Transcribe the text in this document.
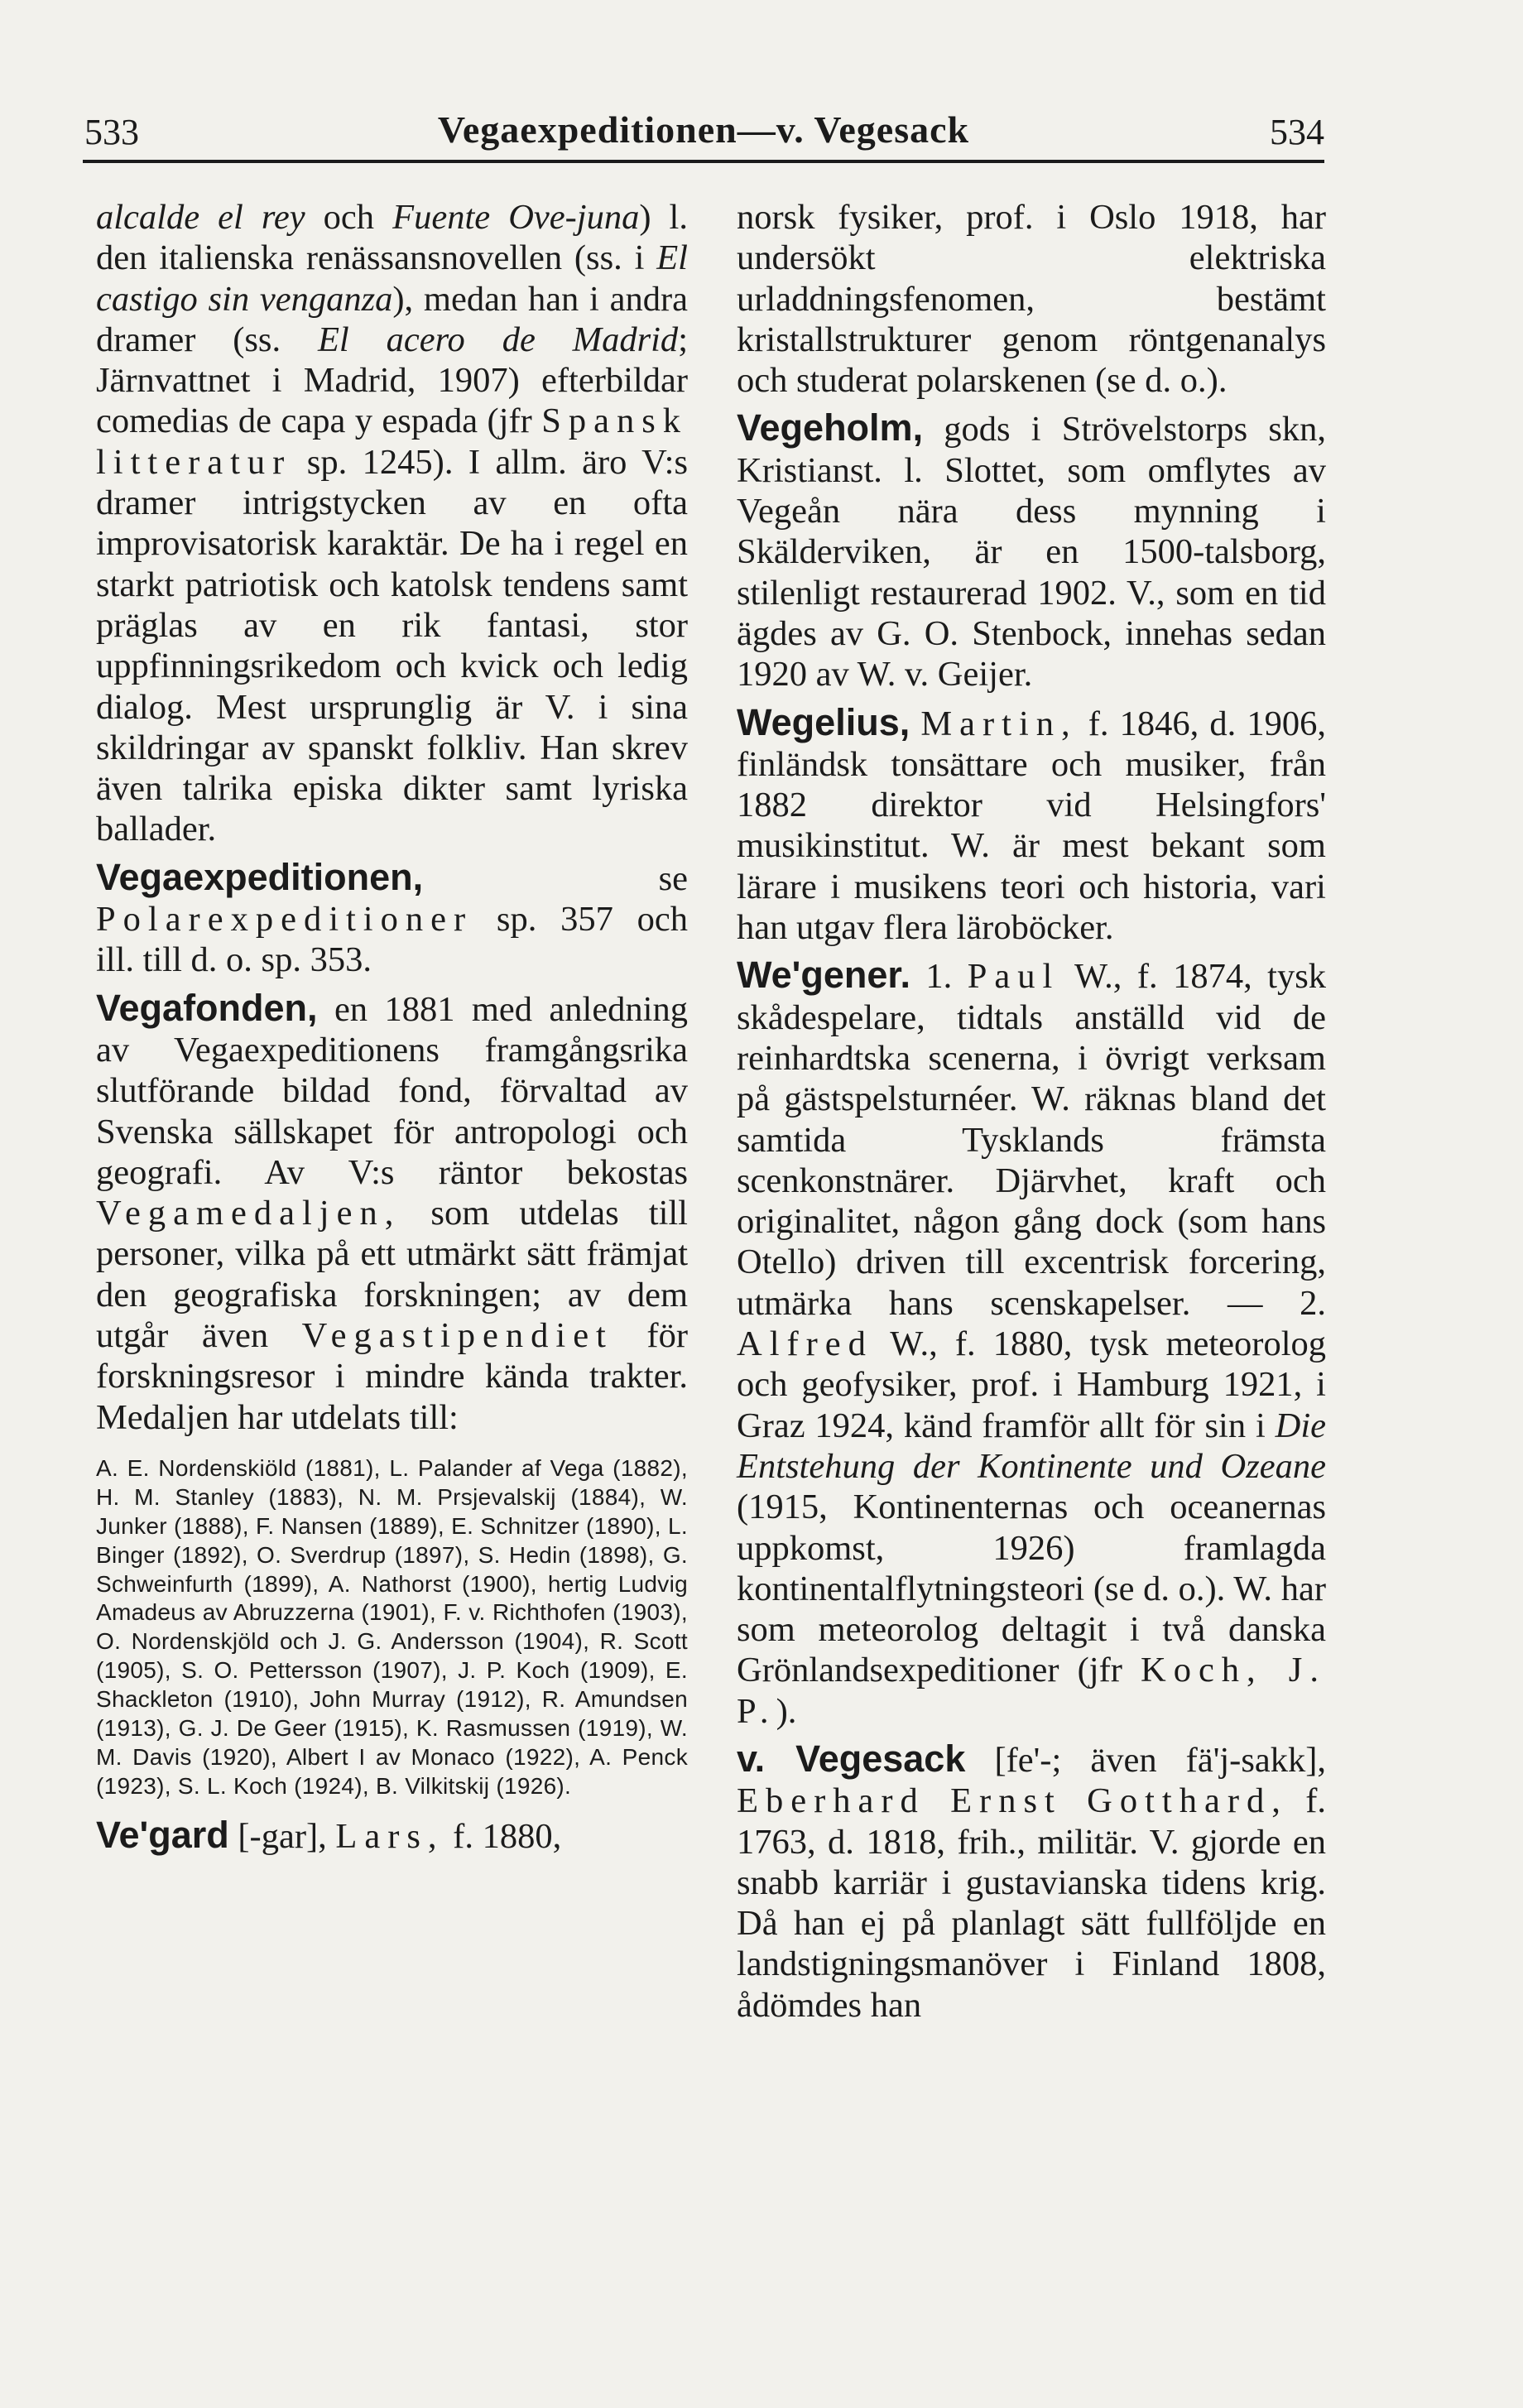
533	Vegaexpeditionen—v. Vegesack	534

alcalde el rey och Fuente Ove-juna) l. den italienska renässansnovellen (ss. i El castigo sin venganza), medan han i andra dramer (ss. El acero de Madrid; Järnvattnet i Madrid, 1907) efterbildar comedias de capa y espada (jfr Spansk litteratur sp. 1245). I allm. äro V:s dramer intrigstycken av en ofta improvisatorisk karaktär. De ha i regel en starkt patriotisk och katolsk tendens samt präglas av en rik fantasi, stor uppfinningsrikedom och kvick och ledig dialog. Mest ursprunglig är V. i sina skildringar av spanskt folkliv. Han skrev även talrika episka dikter samt lyriska ballader.

Vegaexpeditionen, se Polarexpeditioner sp. 357 och ill. till d. o. sp. 353.

Vegafonden, en 1881 med anledning av Vegaexpeditionens framgångsrika slutförande bildad fond, förvaltad av Svenska sällskapet för antropologi och geografi. Av V:s räntor bekostas Vegamedaljen, som utdelas till personer, vilka på ett utmärkt sätt främjat den geografiska forskningen; av dem utgår även Vegastipendiet för forskningsresor i mindre kända trakter. Medaljen har utdelats till:

A. E. Nordenskiöld (1881), L. Palander af Vega (1882), H. M. Stanley (1883), N. M. Prsjevalskij (1884), W. Junker (1888), F. Nansen (1889), E. Schnitzer (1890), L. Binger (1892), O. Sverdrup (1897), S. Hedin (1898), G. Schweinfurth (1899), A. Nathorst (1900), hertig Ludvig Amadeus av Abruzzerna (1901), F. v. Richthofen (1903), O. Nordenskjöld och J. G. Andersson (1904), R. Scott (1905), S. O. Pettersson (1907), J. P. Koch (1909), E. Shackleton (1910), John Murray (1912), R. Amundsen (1913), G. J. De Geer (1915), K. Rasmussen (1919), W. M. Davis (1920), Albert I av Monaco (1922), A. Penck (1923), S. L. Koch (1924), B. Vilkitskij (1926).

Ve'gard [-gar], Lars, f. 1880,

norsk fysiker, prof. i Oslo 1918, har undersökt elektriska urladdningsfenomen, bestämt kristallstrukturer genom röntgenanalys och studerat polarskenen (se d. o.).

Vegeholm, gods i Strövelstorps skn, Kristianst. l. Slottet, som omflytes av Vegeån nära dess mynning i Skälderviken, är en 1500-talsborg, stilenligt restaurerad 1902. V., som en tid ägdes av G. O. Stenbock, innehas sedan 1920 av W. v. Geijer.

Wegelius, Martin, f. 1846, d. 1906, finländsk tonsättare och musiker, från 1882 direktor vid Helsingfors' musikinstitut. W. är mest bekant som lärare i musikens teori och historia, vari han utgav flera läroböcker.

We'gener. 1. Paul W., f. 1874, tysk skådespelare, tidtals anställd vid de reinhardtska scenerna, i övrigt verksam på gästspelsturnéer. W. räknas bland det samtida Tysklands främsta scenkonstnärer. Djärvhet, kraft och originalitet, någon gång dock (som hans Otello) driven till excentrisk forcering, utmärka hans scenskapelser. — 2. Alfred W., f. 1880, tysk meteorolog och geofysiker, prof. i Hamburg 1921, i Graz 1924, känd framför allt för sin i Die Entstehung der Kontinente und Ozeane (1915, Kontinenternas och oceanernas uppkomst, 1926) framlagda kontinentalflytningsteori (se d. o.). W. har som meteorolog deltagit i två danska Grönlandsexpeditioner (jfr Koch, J. P.).

v. Vegesack [fe'-; även fä'j-sakk], Eberhard Ernst Gotthard, f. 1763, d. 1818, frih., militär. V. gjorde en snabb karriär i gustavianska tidens krig. Då han ej på planlagt sätt fullföljde en landstigningsmanöver i Finland 1808, ådömdes han
